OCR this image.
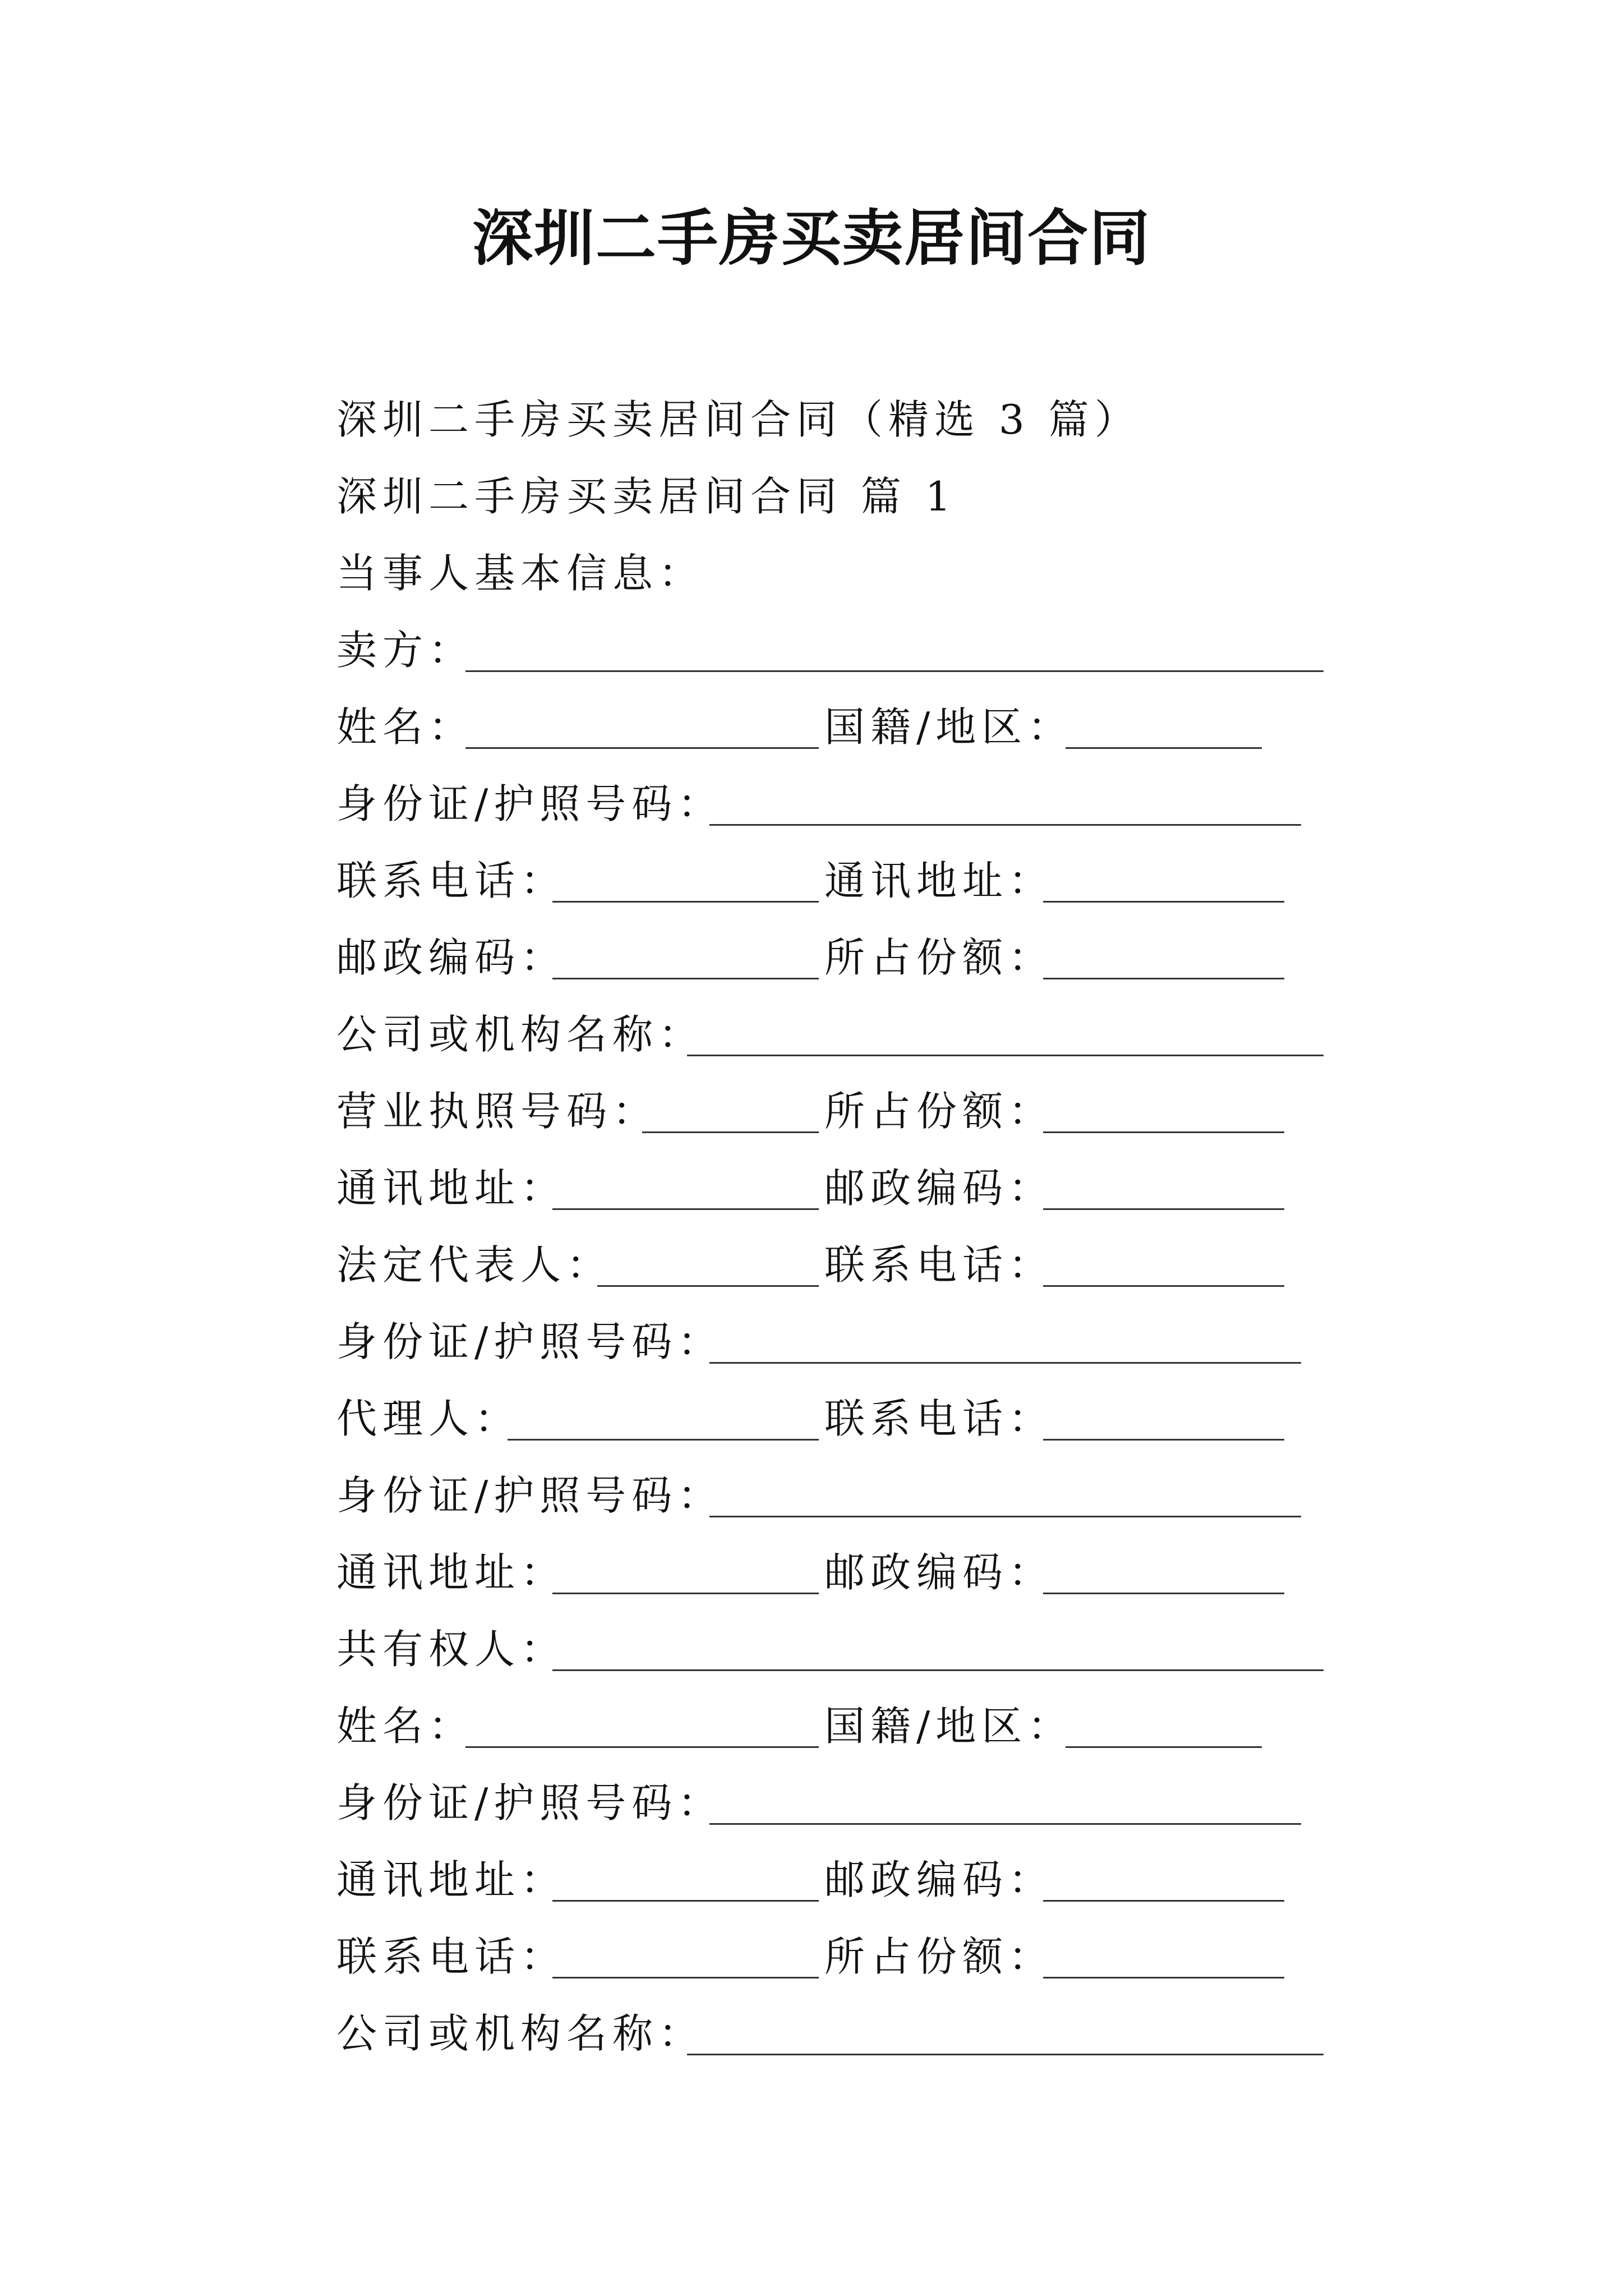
深圳二手房买卖居间合同
深圳二手房买卖居间合同（精选 3 篇）
深圳二手房买卖居间合同 篇 1
当事人基本信息：
卖方：
姓名：	国籍/地区：
身份证/护照号码：
联系电话：	通讯地址：
邮政编码：	所占份额：
公司或机构名称：
营业执照号码：	所占份额：
通讯地址：	邮政编码：
法定代表人：	联系电话：
身份证/护照号码：
代理人：	联系电话：
身份证/护照号码：
通讯地址：	邮政编码：
共有权人：
姓名：	国籍/地区：
身份证/护照号码：
通讯地址：	邮政编码：
联系电话：	所占份额：
公司或机构名称：
